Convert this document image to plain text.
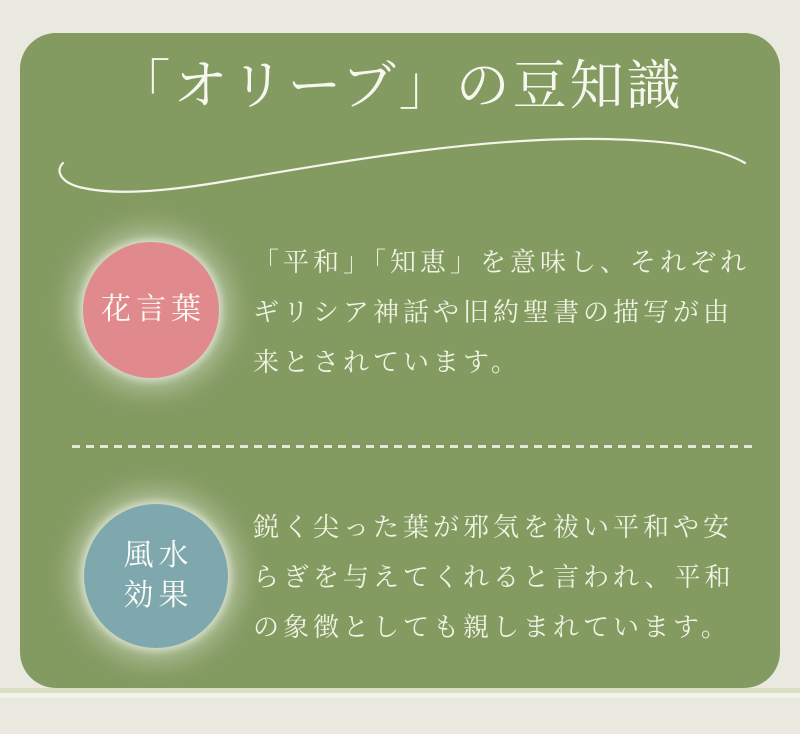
「オリーブ」の豆知識
花言葉

「平和」「知恵」を意味し、それぞれ
ギリシア神話や旧約聖書の描写が由
来とされています。

風水
効果

鋭く尖った葉が邪気を祓い平和や安
らぎを与えてくれると言われ、平和
の象徴としても親しまれています。
